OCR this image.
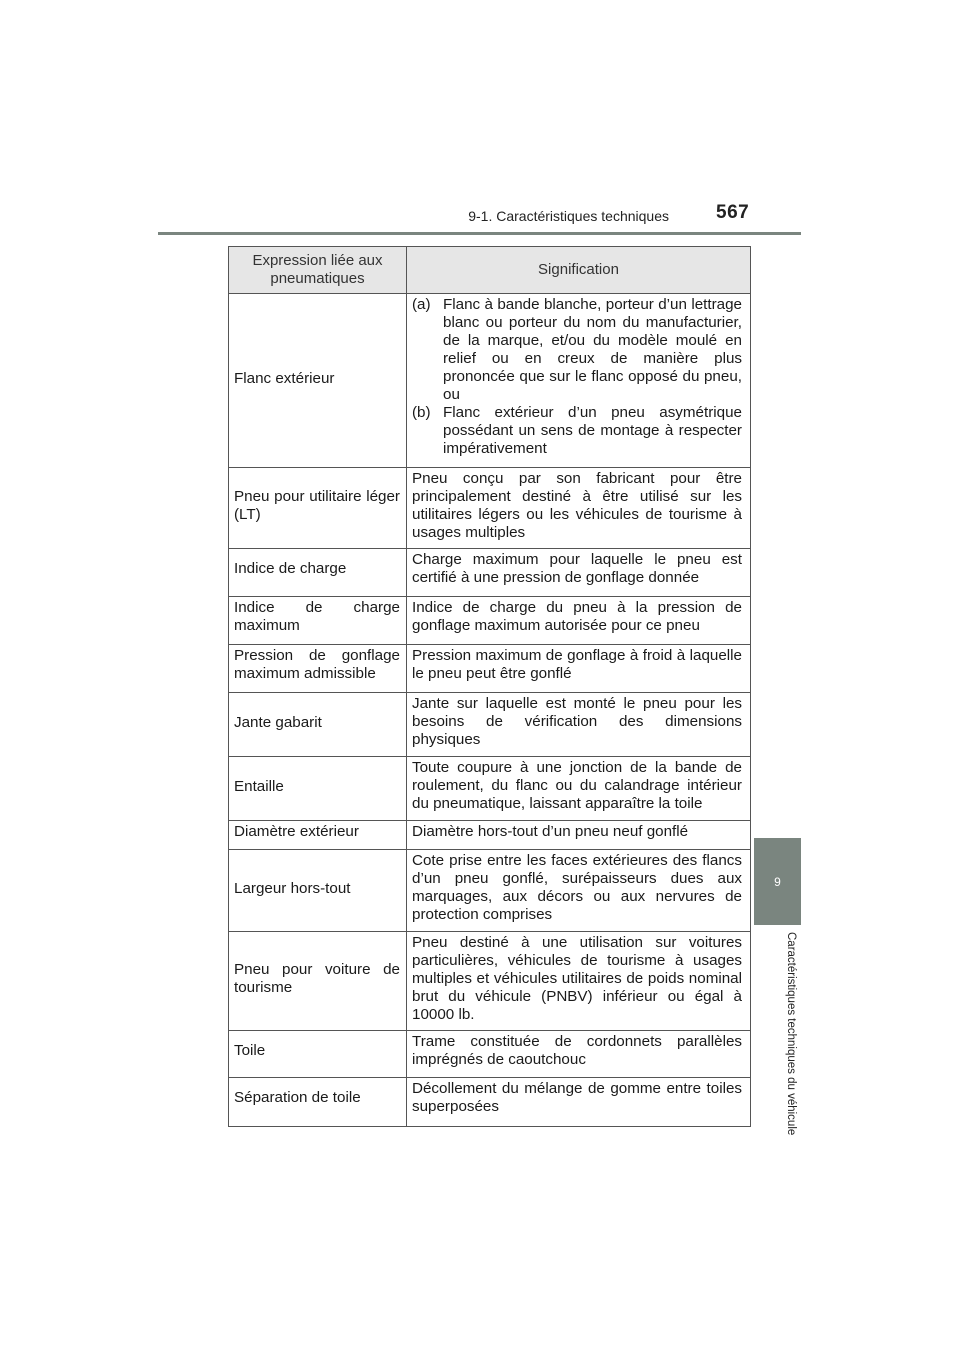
9-1. Caractéristiques techniques 567
9
Caractéristiques techniques du véhicule
Expression liée aux pneumatiques	Signification
Flanc extérieur	(a) Flanc à bande blanche, porteur d’un lettrage blanc ou porteur du nom du manufacturier, de la marque, et/ou du modèle moulé en relief ou en creux de manière plus prononcée que sur le flanc opposé du pneu, ou
(b) Flanc extérieur d’un pneu asymétrique possédant un sens de montage à respecter impérativement

Pneu pour utilitaire léger (LT)	Pneu conçu par son fabricant pour être principalement destiné à être utilisé sur les utilitaires légers ou les véhicules de tourisme à usages multiples
Indice de charge	Charge maximum pour laquelle le pneu est certifié à une pression de gonflage donnée
Indice de charge maximum	Indice de charge du pneu à la pression de gonflage maximum autorisée pour ce pneu
Pression de gonflage maximum admissible	Pression maximum de gonflage à froid à laquelle le pneu peut être gonflé
Jante gabarit	Jante sur laquelle est monté le pneu pour les besoins de vérification des dimensions physiques
Entaille	Toute coupure à une jonction de la bande de roulement, du flanc ou du calandrage intérieur du pneumatique, laissant apparaître la toile
Diamètre extérieur	Diamètre hors-tout d’un pneu neuf gonflé
Largeur hors-tout	Cote prise entre les faces extérieures des flancs d’un pneu gonflé, surépaisseurs dues aux marquages, aux décors ou aux nervures de protection comprises
Pneu pour voiture de tourisme	Pneu destiné à une utilisation sur voitures particulières, véhicules de tourisme à usages multiples et véhicules utilitaires de poids nominal brut du véhicule (PNBV) inférieur ou égal à 10000 lb.
Toile	Trame constituée de cordonnets parallèles imprégnés de caoutchouc
Séparation de toile	Décollement du mélange de gomme entre toiles superposées
